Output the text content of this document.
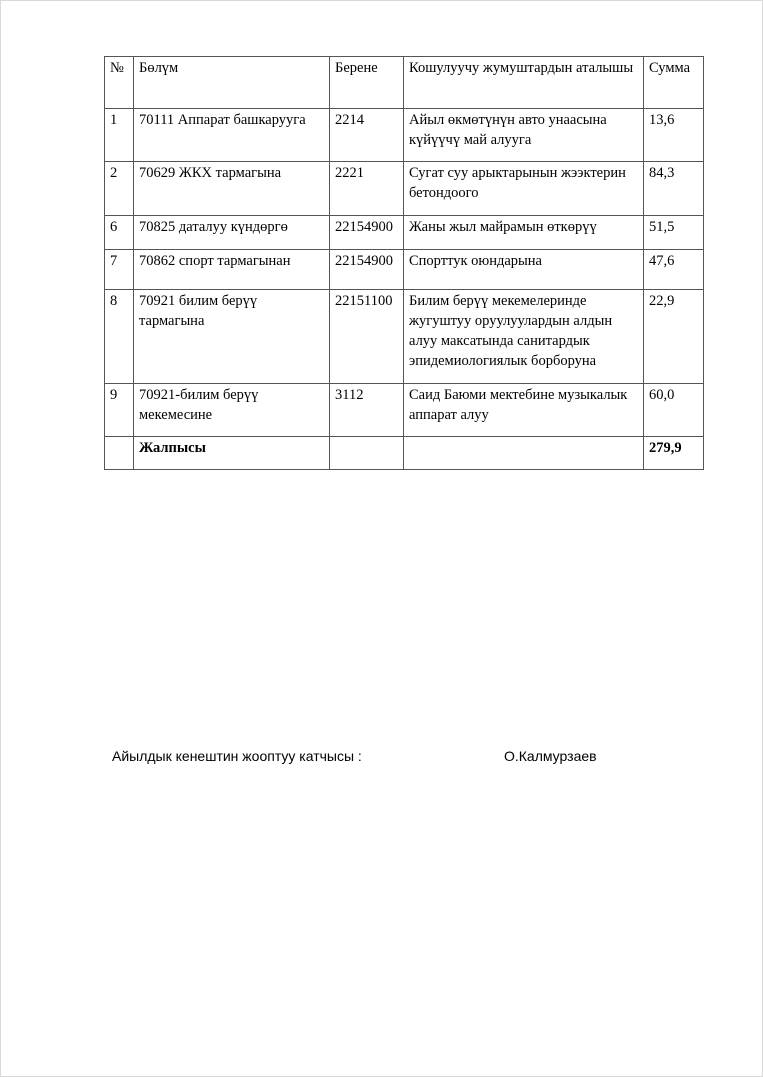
№	Бөлүм	Берене	Кошулуучу жумуштардын аталышы	Сумма
1	70111 Аппарат башкарууга	2214	Айыл өкмөтүнүн авто унаасына күйүүчү май алууга	13,6
2	70629 ЖКХ тармагына	2221	Сугат суу арыктарынын жээктерин бетондоого	84,3
6	70825 даталуу күндөргө	22154900	Жаны жыл майрамын өткөрүү	51,5
7	70862 спорт тармагынан	22154900	Спорттук оюндарына	47,6
8	70921 билим берүү тармагына	22151100	Билим берүү мекемелеринде жугуштуу оруулуулардын алдын алуу максатында санитардык эпидемиологиялык борборуна	22,9
9	70921-билим берүү мекемесине	3112	Саид Баюми мектебине музыкалык аппарат алуу	60,0
	Жалпысы			279,9
Айылдык кенештин жооптуу катчысы :	О.Калмурзаев
